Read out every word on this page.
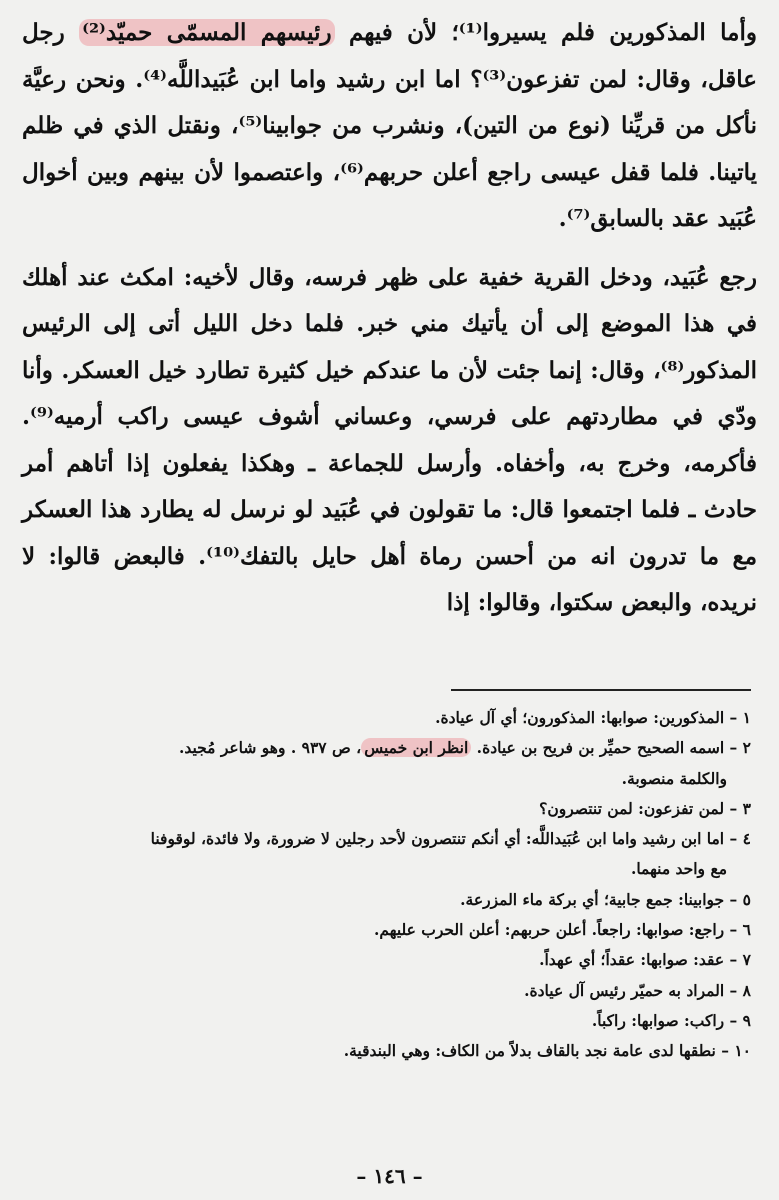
وأما المذكورين فلم يسيروا⁽¹⁾؛ لأن فيهم رئيسهم المسمّى حميّد⁽²⁾ رجل عاقل، وقال: لمن تفزعون⁽³⁾؟ اما ابن رشيد واما ابن عُبَيداللَّه⁽⁴⁾. ونحن رعيَّة نأكل من قريِّنا (نوع من التين)، ونشرب من جوابينا⁽⁵⁾، ونقتل الذي في ظلم ياتينا. فلما قفل عيسى راجع أعلن حربهم⁽⁶⁾، واعتصموا لأن بينهم وبين أخوال عُبَيد عقد بالسابق⁽⁷⁾.

رجع عُبَيد، ودخل القرية خفية على ظهر فرسه، وقال لأخيه: امكث عند أهلك في هذا الموضع إلى أن يأتيك مني خبر. فلما دخل الليل أتى إلى الرئيس المذكور⁽⁸⁾، وقال: إنما جئت لأن ما عندكم خيل كثيرة تطارد خيل العسكر. وأنا ودّي في مطاردتهم على فرسي، وعساني أشوف عيسى راكب أرميه⁽⁹⁾. فأكرمه، وخرج به، وأخفاه. وأرسل للجماعة ـ وهكذا يفعلون إذا أتاهم أمر حادث ـ فلما اجتمعوا قال: ما تقولون في عُبَيد لو نرسل له يطارد هذا العسكر مع ما تدرون انه من أحسن رماة أهل حايل بالتفك⁽¹⁰⁾. فالبعض قالوا: لا نريده، والبعض سكتوا، وقالوا: إذا

١ – المذكورين: صوابها: المذكورون؛ أي آل عيادة.
٢ – اسمه الصحيح حميِّر بن فريح بن عيادة. انظر ابن خميس، ص ٩٣٧ . وهو شاعر مُجيد.
والكلمة منصوبة.
٣ – لمن تفزعون: لمن تنتصرون؟
٤ – اما ابن رشيد واما ابن عُبَيداللَّه: أي أنكم تنتصرون لأحد رجلين لا ضرورة، ولا فائدة، لوقوفنا
مع واحد منهما.
٥ – جوابينا: جمع جابية؛ أي بركة ماء المزرعة.
٦ – راجع: صوابها: راجعاً. أعلن حربهم: أعلن الحرب عليهم.
٧ – عقد: صوابها: عقداً؛ أي عهداً.
٨ – المراد به حميّر رئيس آل عيادة.
٩ – راكب: صوابها: راكباً.
١٠ – نطقها لدى عامة نجد بالقاف بدلاً من الكاف: وهي البندقية.
– ١٤٦ –
